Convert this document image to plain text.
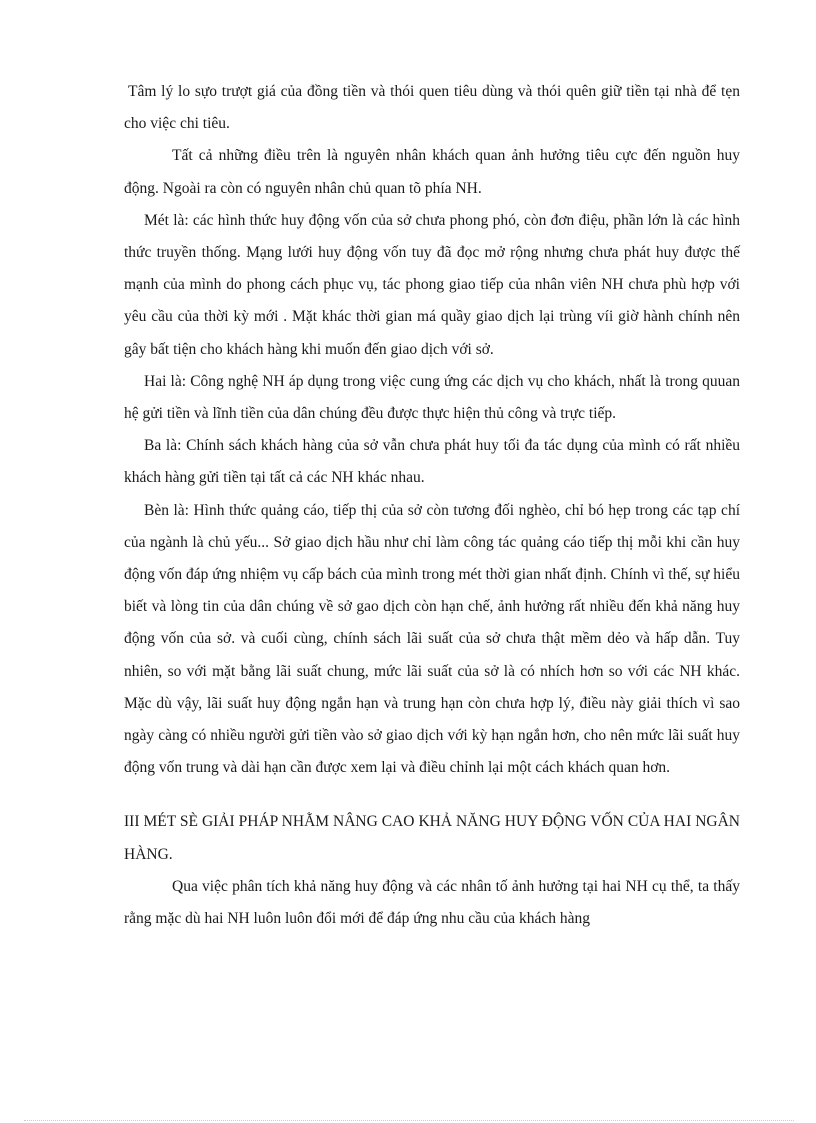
Tâm lý lo sựo trượt giá của đồng tiền và thói quen tiêu dùng và thói quên giữ tiền tại nhà để tẹn cho việc chi tiêu.

Tất cả những điều trên là nguyên nhân khách quan ảnh hưởng tiêu cực đến nguồn huy động. Ngoài ra còn có nguyên nhân chủ quan tõ phía NH.

Mét là: các hình thức huy động vốn của sở chưa phong phó, còn đơn điệu, phần lớn là các hình thức truyền thống. Mạng lưới huy động vốn tuy đã đọc mở rộng nhưng chưa phát huy được thế mạnh của mình do phong cách phục vụ, tác phong giao tiếp của nhân viên NH chưa phù hợp với yêu cầu của thời kỳ mới . Mặt khác thời gian má quầy giao dịch lại trùng víi giờ hành chính nên gây bất tiện cho khách hàng khi muốn đến giao dịch với sở.

Hai là: Công nghệ NH áp dụng trong việc cung ứng các dịch vụ cho khách, nhất là trong quuan hệ gửi tiền và lĩnh tiền của dân chúng đều được thực hiện thủ công và trực tiếp.

Ba là: Chính sách khách hàng của sở vẫn chưa phát huy tối đa tác dụng của mình có rất nhiều khách hàng gửi tiền tại tất cả các NH khác nhau.

Bèn là: Hình thức quảng cáo, tiếp thị của sở còn tương đối nghèo, chỉ bó hẹp trong các tạp chí của ngành là chủ yếu... Sở giao dịch hầu như chỉ làm công tác quảng cáo tiếp thị mỗi khi cần huy động vốn đáp ứng nhiệm vụ cấp bách của mình trong mét thời gian nhất định. Chính vì thế, sự hiểu biết và lòng tin của dân chúng về sở gao dịch còn hạn chế, ảnh hưởng rất nhiều đến khả năng huy động vốn của sở. và cuối cùng, chính sách lãi suất của sở chưa thật mềm dẻo và hấp dẫn. Tuy nhiên, so với mặt bằng lãi suất chung, mức lãi suất của sở là có nhích hơn so với các NH khác. Mặc dù vậy, lãi suất huy động ngắn hạn và trung hạn còn chưa hợp lý, điều này giải thích vì sao ngày càng có nhiều người gửi tiền vào sở giao dịch với kỳ hạn ngắn hơn, cho nên mức lãi suất huy động vốn trung và dài hạn cần được xem lại và điều chỉnh lại một cách khách quan hơn.

III MÉT SÈ GIẢI PHÁP NHẰM NÂNG CAO KHẢ NĂNG HUY ĐỘNG VỐN CỦA HAI NGÂN HÀNG.

Qua việc phân tích khả năng huy động và các nhân tố ảnh hưởng tại hai NH cụ thể, ta thấy rằng mặc dù hai NH luôn luôn đổi mới để đáp ứng nhu cầu của khách hàng
